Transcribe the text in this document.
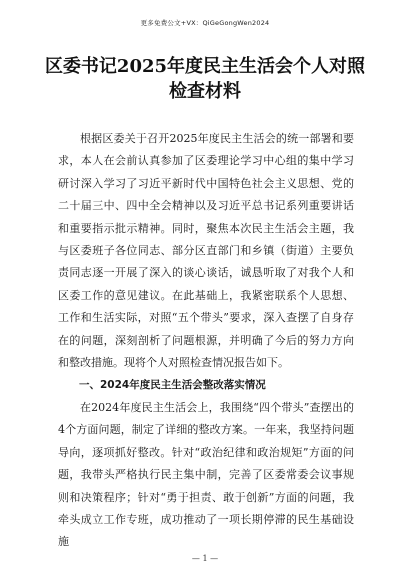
更多免费公文+VX：QiGeGongWen2024
区委书记2025年度民主生活会个人对照
检查材料

根据区委关于召开2025年度民主生活会的统一部署和要求，本人在会前认真参加了区委理论学习中心组的集中学习研讨深入学习了习近平新时代中国特色社会主义思想、党的二十届三中、四中全会精神以及习近平总书记系列重要讲话和重要指示批示精神。同时，聚焦本次民主生活会主题，我与区委班子各位同志、部分区直部门和乡镇（街道）主要负责同志逐一开展了深入的谈心谈话，诚恳听取了对我个人和区委工作的意见建议。在此基础上，我紧密联系个人思想、工作和生活实际，对照“五个带头”要求，深入查摆了自身存在的问题，深刻剖析了问题根源，并明确了今后的努力方向和整改措施。现将个人对照检查情况报告如下。

一、2024年度民主生活会整改落实情况

在2024年度民主生活会上，我围绕“四个带头”查摆出的4个方面问题，制定了详细的整改方案。一年来，我坚持问题导向，逐项抓好整改。针对“政治纪律和政治规矩”方面的问题，我带头严格执行民主集中制，完善了区委常委会议事规则和决策程序；针对“勇于担责、敢于创新”方面的问题，我牵头成立工作专班，成功推动了一项长期停滞的民生基础设施

— 1 —
